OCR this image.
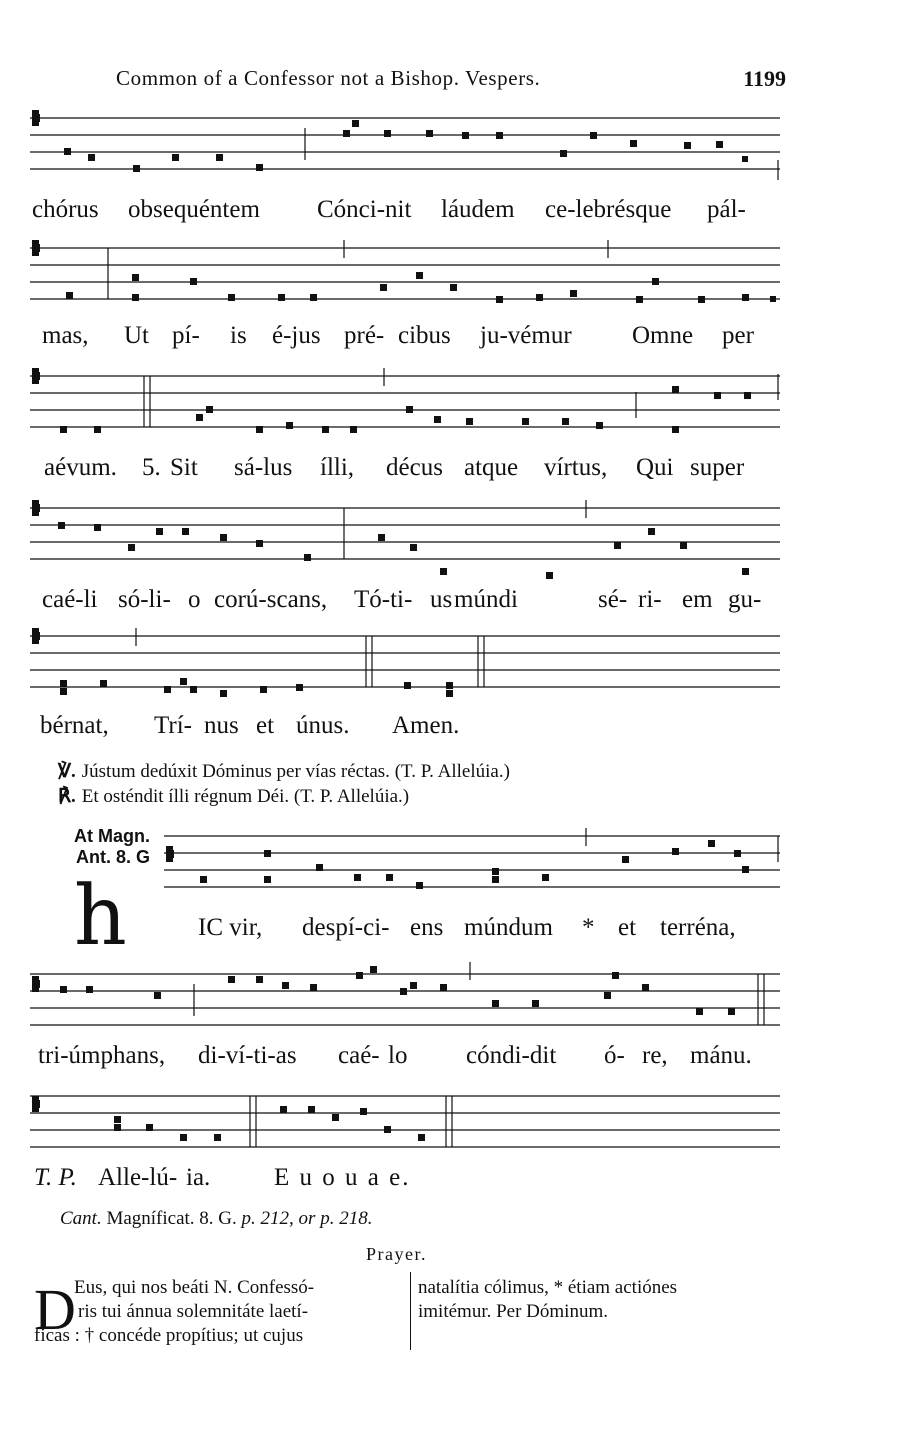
Common of a Confessor not a Bishop. Vespers.	1199
chórus obsequéntem Cónci-nit láudem ce-lebrésque pál-
mas, Ut pí- is é-jus pré- cibus ju-vémur Omne per
aévum. 5. Sit sá-lus ílli, décus atque vírtus, Qui super
caé-li só-li- o corú-scans, Tó-ti- us múndi	sé- ri- em gu-
bérnat, Trí- nus et únus. Amen.
℣. Jústum dedúxit Dóminus per vías réctas. (T. P. Allelúia.)
℟. Et osténdit ílli régnum Déi. (T. P. Allelúia.)
At Magn.
Ant. 8. G
h	IC vir, despí-ci- ens múndum * et terréna,
tri-úmphans, di-ví-ti-as caé- lo cóndi-dit ó- re, mánu.
T. P. Alle-lú- ia.	E u o u a e.
Cant. Magníficat. 8. G. p. 212, or p. 218.
Prayer.
D
Eus, qui nos beáti N. Confessó-
ris tui ánnua solemnitáte laetí-
ficas : † concéde propítius; ut cujus
natalítia cólimus, * étiam actiónes
imitémur. Per Dóminum.
